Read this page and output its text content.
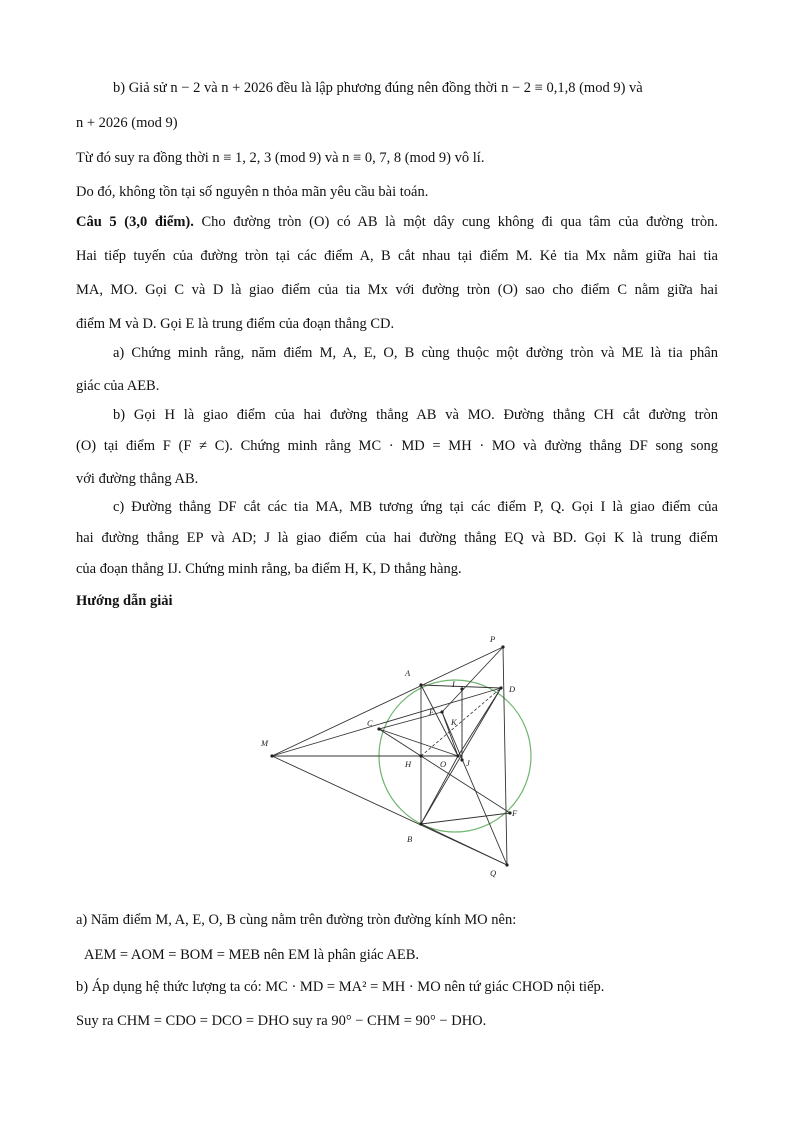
b) Giả sử n − 2 và n + 2026 đều là lập phương đúng nên đồng thời n − 2 ≡ 0,1,8 (mod 9) và
n + 2026 (mod 9)
Từ đó suy ra đồng thời n ≡ 1, 2, 3 (mod 9) và n ≡ 0, 7, 8 (mod 9) vô lí.
Do đó, không tồn tại số nguyên n thỏa mãn yêu cầu bài toán.
Câu 5 (3,0 điểm). Cho đường tròn (O) có AB là một dây cung không đi qua tâm của đường tròn.
Hai tiếp tuyến của đường tròn tại các điểm A, B cắt nhau tại điểm M. Kẻ tia Mx nằm giữa hai tia
MA, MO. Gọi C và D là giao điểm của tia Mx với đường tròn (O) sao cho điểm C nằm giữa hai
điểm M và D. Gọi E là trung điểm của đoạn thẳng CD.
a) Chứng minh rằng, năm điểm M, A, E, O, B cùng thuộc một đường tròn và ME là tia phân
giác của AEB.
b) Gọi H là giao điểm của hai đường thẳng AB và MO. Đường thẳng CH cắt đường tròn
(O) tại điểm F (F ≠ C). Chứng minh rằng MC · MD = MH · MO và đường thẳng DF song song
với đường thẳng AB.
c) Đường thẳng DF cắt các tia MA, MB tương ứng tại các điểm P, Q. Gọi I là giao điểm của
hai đường thẳng EP và AD; J là giao điểm của hai đường thẳng EQ và BD. Gọi K là trung điểm
của đoạn thẳng IJ. Chứng minh rằng, ba điểm H, K, D thẳng hàng.
Hướng dẫn giải
P
A
I	D
E
K
C
M
H	O J
F
B
Q
a) Năm điểm M, A, E, O, B cùng nằm trên đường tròn đường kính MO nên:
AEM = AOM = BOM = MEB nên EM là phân giác AEB.
b) Áp dụng hệ thức lượng ta có: MC · MD = MA² = MH · MO nên tứ giác CHOD nội tiếp.
Suy ra CHM = CDO = DCO = DHO suy ra 90° − CHM = 90° − DHO.
